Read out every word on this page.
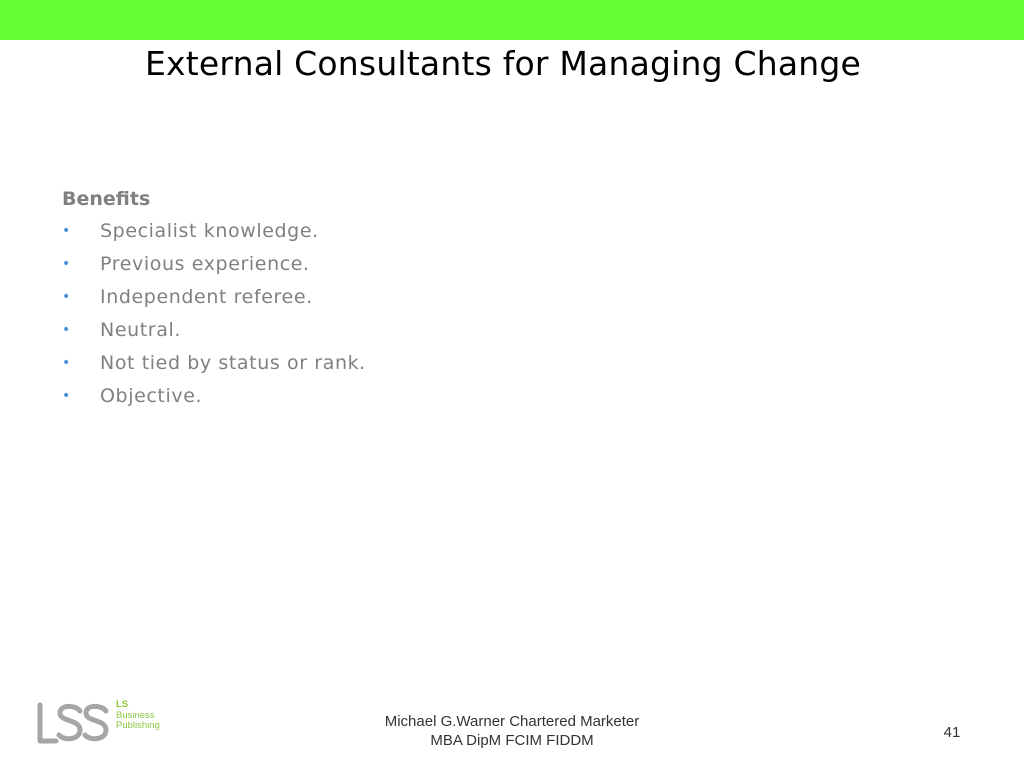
External Consultants for Managing Change
Benefits
• Specialist knowledge.
• Previous experience.
• Independent referee.
• Neutral.
• Not tied by status or rank.
• Objective.
LS
Business
Publishing	Michael G.Warner Chartered Marketer
MBA DipM FCIM FIDDM	41
